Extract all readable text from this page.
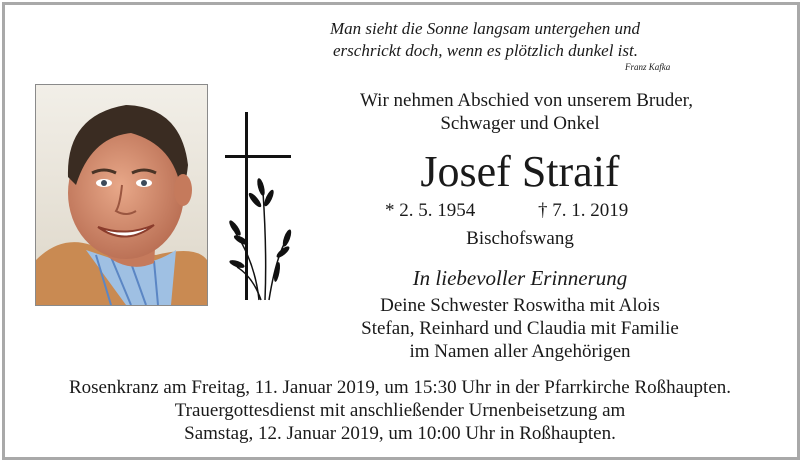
Man sieht die Sonne langsam untergehen und
erschrickt doch, wenn es plötzlich dunkel ist.
Franz Kafka
Wir nehmen Abschied von unserem Bruder,
Schwager und Onkel
Josef Straif
* 2. 5. 1954	† 7. 1. 2019
Bischofswang
In liebevoller Erinnerung
Deine Schwester Roswitha mit Alois
Stefan, Reinhard und Claudia mit Familie
im Namen aller Angehörigen
Rosenkranz am Freitag, 11. Januar 2019, um 15:30 Uhr in der Pfarrkirche Roßhaupten.
Trauergottesdienst mit anschließender Urnenbeisetzung am
Samstag, 12. Januar 2019, um 10:00 Uhr in Roßhaupten.
